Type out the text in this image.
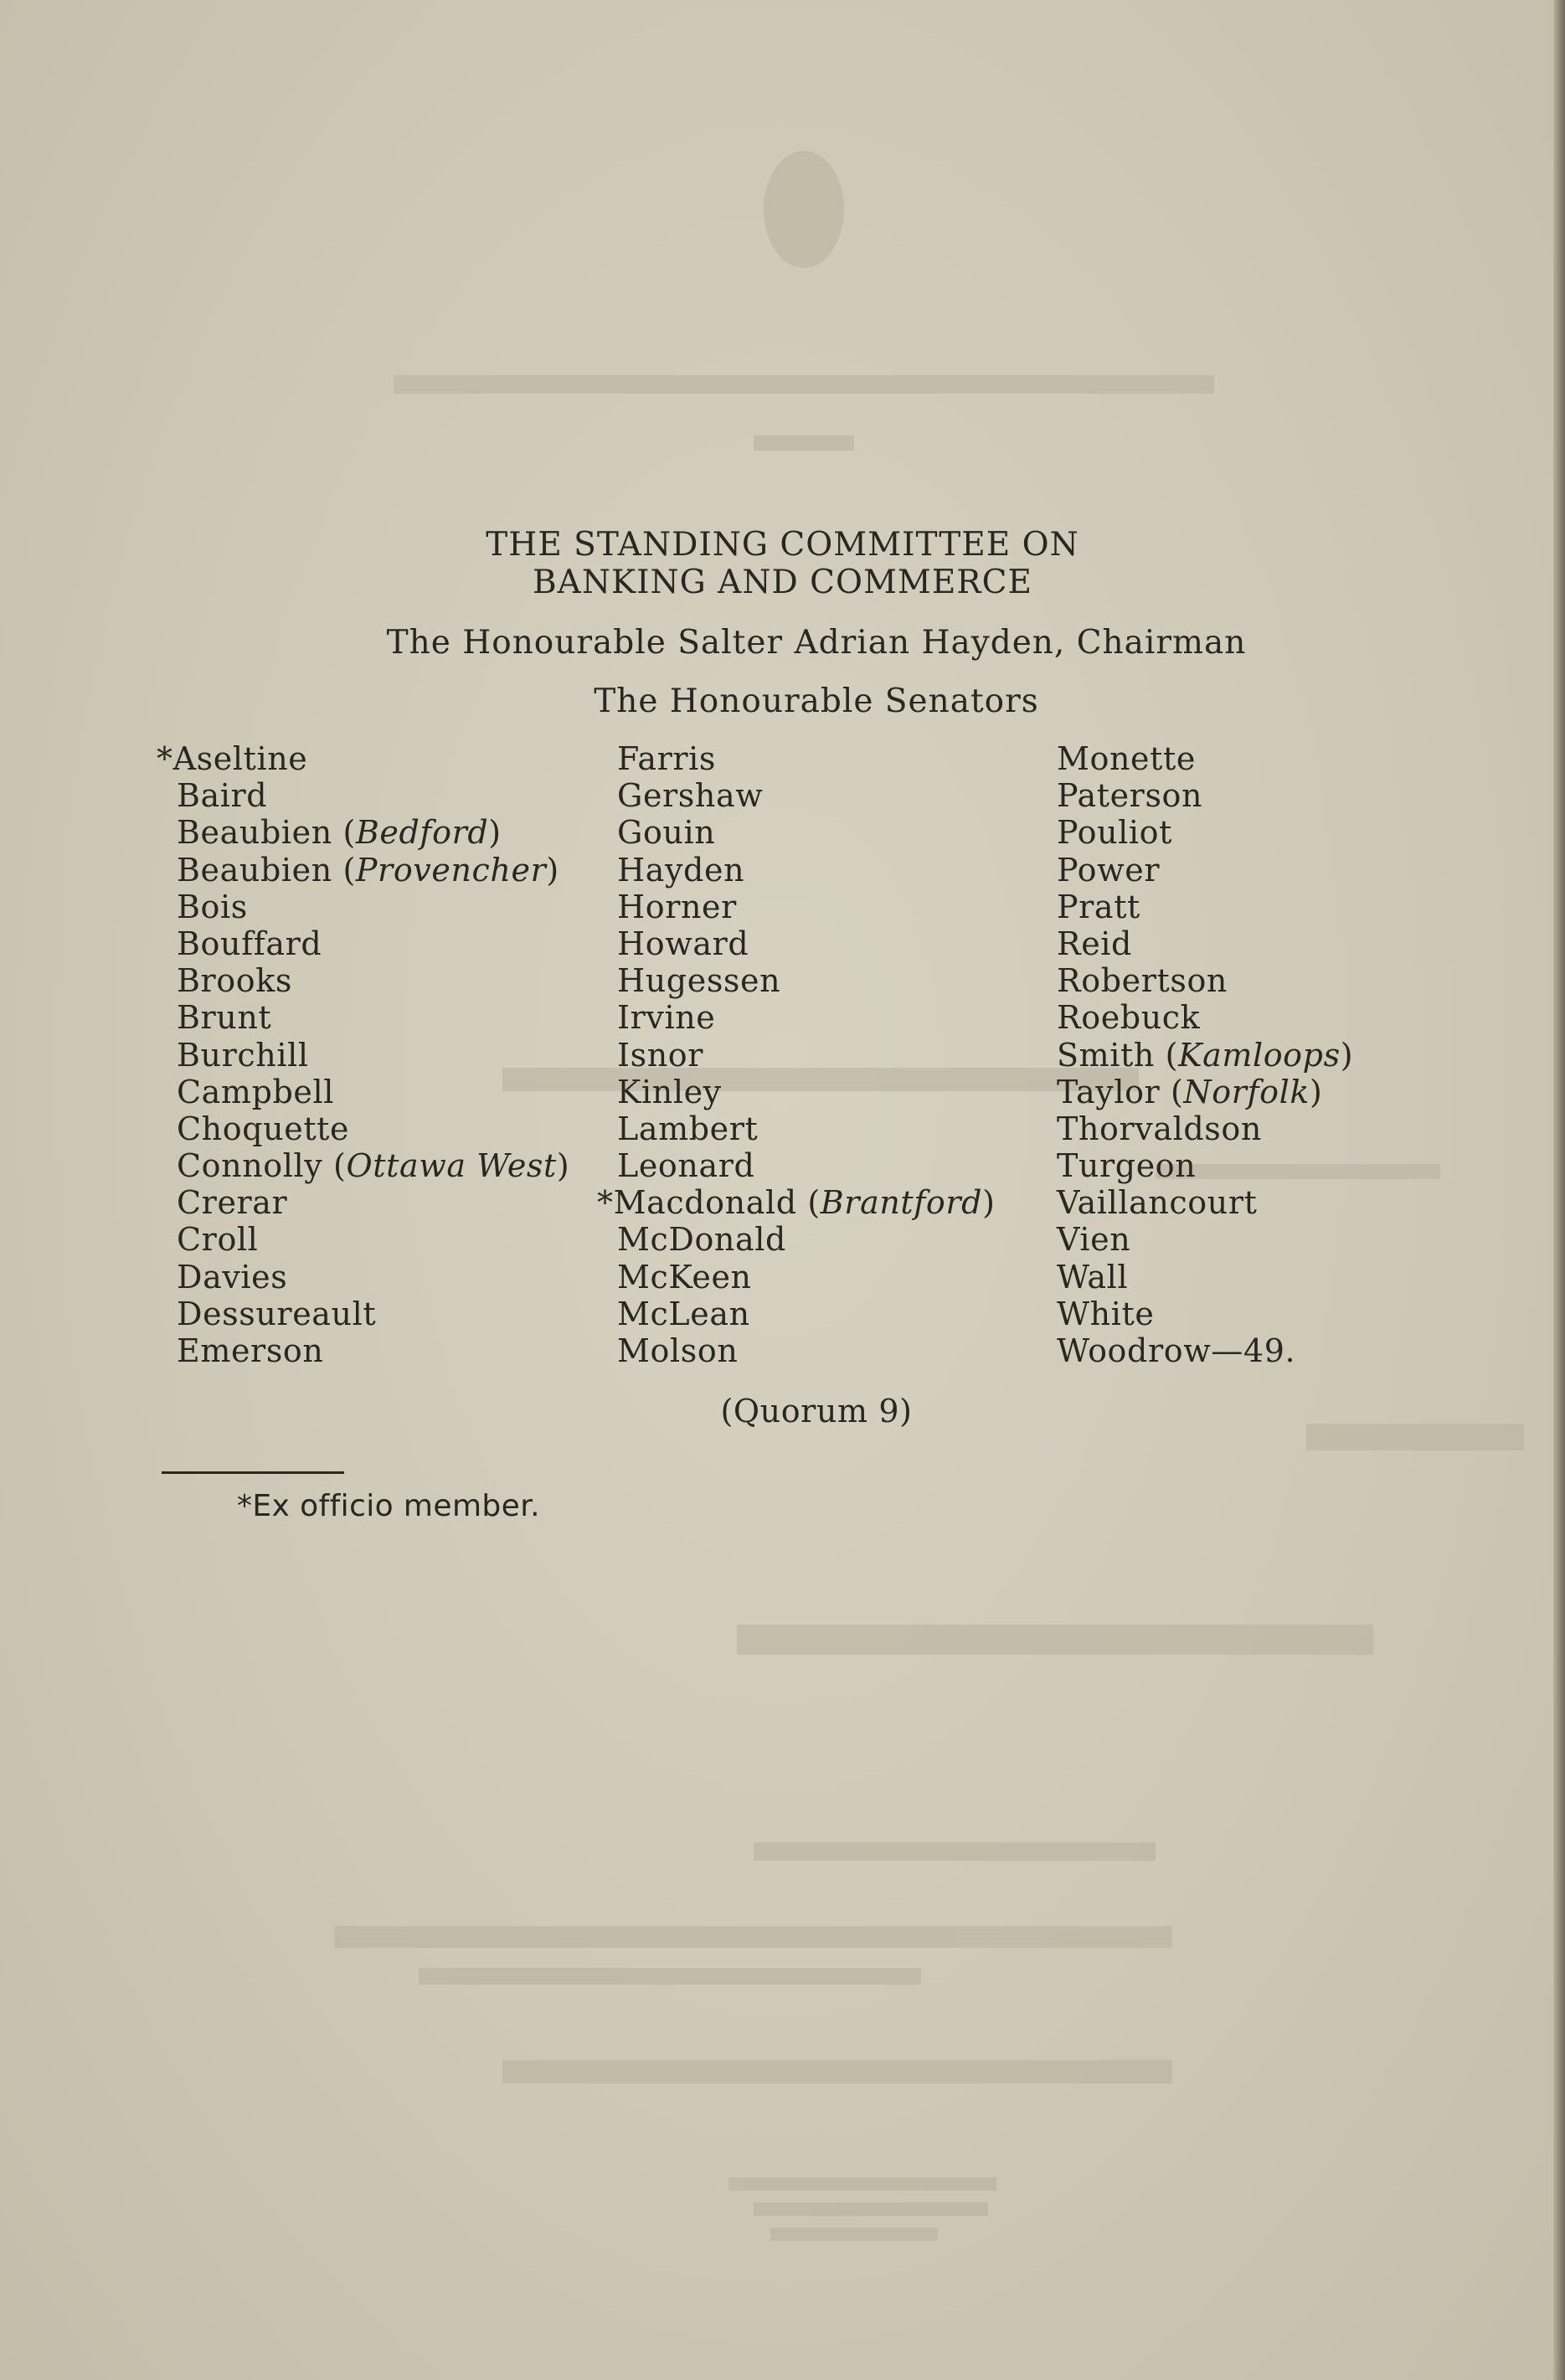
THE STANDING COMMITTEE ON
BANKING AND COMMERCE
The Honourable Salter Adrian Hayden, Chairman
The Honourable Senators
*Aseltine
Baird
Beaubien (Bedford)
Beaubien (Provencher)
Bois
Bouffard
Brooks
Brunt
Burchill
Campbell
Choquette
Connolly (Ottawa West)
Crerar
Croll
Davies
Dessureault
Emerson
Farris
Gershaw
Gouin
Hayden
Horner
Howard
Hugessen
Irvine
Isnor
Kinley
Lambert
Leonard
*Macdonald (Brantford)
McDonald
McKeen
McLean
Molson
Monette
Paterson
Pouliot
Power
Pratt
Reid
Robertson
Roebuck
Smith (Kamloops)
Taylor (Norfolk)
Thorvaldson
Turgeon
Vaillancourt
Vien
Wall
White
Woodrow—49.
(Quorum 9)
*Ex officio member.
